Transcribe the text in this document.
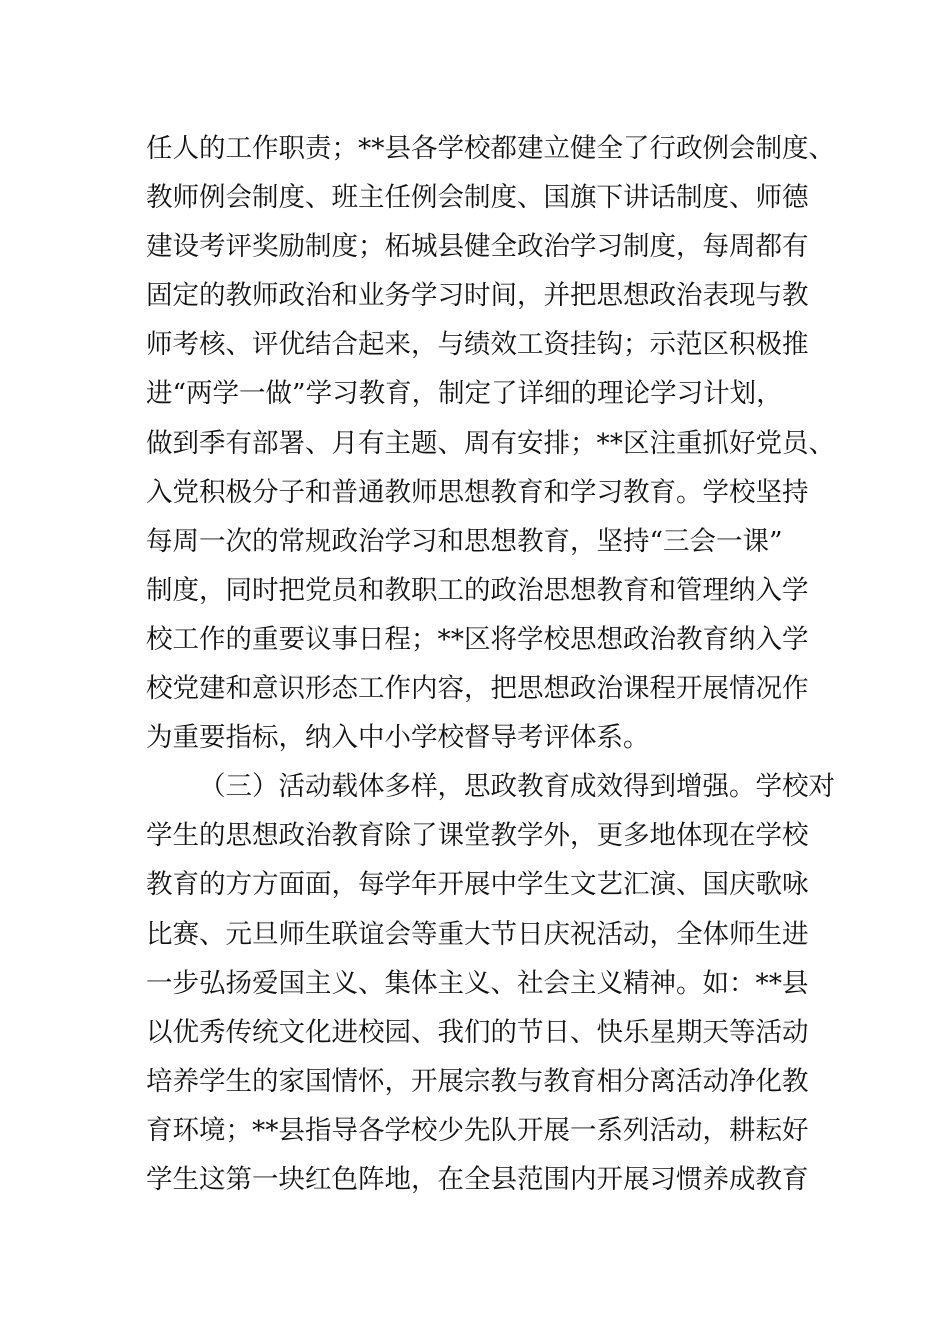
任人的工作职责；**县各学校都建立健全了行政例会制度、
教师例会制度、班主任例会制度、国旗下讲话制度、师德
建设考评奖励制度；柘城县健全政治学习制度，每周都有
固定的教师政治和业务学习时间，并把思想政治表现与教
师考核、评优结合起来，与绩效工资挂钩；示范区积极推
进“两学一做”学习教育，制定了详细的理论学习计划，
做到季有部署、月有主题、周有安排；**区注重抓好党员、
入党积极分子和普通教师思想教育和学习教育。学校坚持
每周一次的常规政治学习和思想教育，坚持“三会一课”
制度，同时把党员和教职工的政治思想教育和管理纳入学
校工作的重要议事日程；**区将学校思想政治教育纳入学
校党建和意识形态工作内容，把思想政治课程开展情况作
为重要指标，纳入中小学校督导考评体系。
（三）活动载体多样，思政教育成效得到增强。学校对
学生的思想政治教育除了课堂教学外，更多地体现在学校
教育的方方面面，每学年开展中学生文艺汇演、国庆歌咏
比赛、元旦师生联谊会等重大节日庆祝活动，全体师生进
一步弘扬爱国主义、集体主义、社会主义精神。如：**县
以优秀传统文化进校园、我们的节日、快乐星期天等活动
培养学生的家国情怀，开展宗教与教育相分离活动净化教
育环境；**县指导各学校少先队开展一系列活动，耕耘好
学生这第一块红色阵地，在全县范围内开展习惯养成教育
